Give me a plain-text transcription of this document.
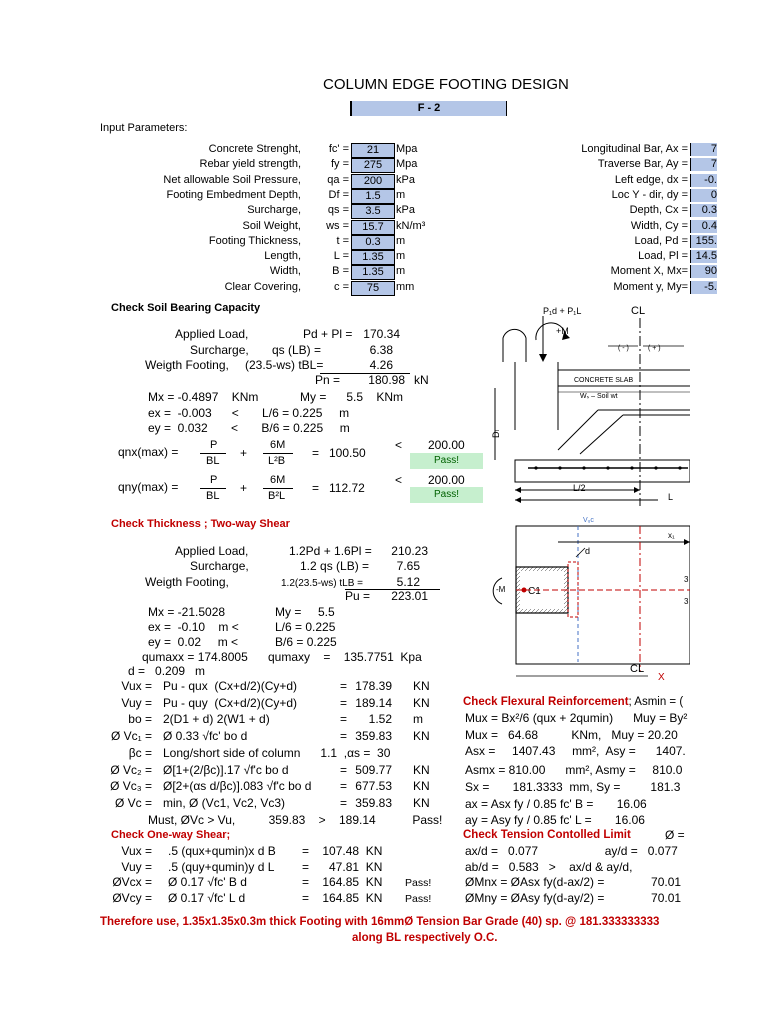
COLUMN EDGE FOOTING DESIGN
F - 2
Input Parameters:
Concrete Strenght,	fc' =	21	Mpa
Rebar yield strength,	fy =	275	Mpa
Net allowable Soil Pressure,	qa =	200	kPa
Footing Embedment Depth,	Df =	1.5	m
Surcharge,	qs =	3.5	kPa
Soil Weight,	ws =	15.7	kN/m³
Footing Thickness,	t =	0.3	m
Length,	L =	1.35	m
Width,	B =	1.35	m
Clear Covering,	c =	75	mm
Longitudinal Bar, Ax =	7
Traverse Bar, Ay =	7
Left edge, dx =	-0.
Loc Y - dir, dy =	0
Depth, Cx =	0.3
Width, Cy =	0.4
Load, Pd = 155.
Load, Pl = 14.5
Moment X, Mx=	90
Moment y, My=	-5.
Check Soil Bearing Capacity
Applied Load,	Pd + Pl = 170.34
Surcharge, qs (LB) =	6.38
Weigth Footing, (23.5-ws) tBL=	4.26
Pn =	180.98 kN
Mx = -0.4897    KNm	My =      5.5    KNm
ex =  -0.003      <       L/6 = 0.225     m
ey =  0.032       <       B/6 = 0.225     m
qnx(max) =	P
BL
+
6M
L²B
=   100.50
< 200.00
Pass!
qny(max) =	P
BL
+
6M
B²L
=   112.72
< 200.00
Pass!
Check Thickness ; Two-way Shear
Applied Load,	1.2Pd + 1.6Pl =	210.23
Surcharge,	1.2 qs (LB) =	7.65
Weigth Footing,	1.2(23.5-ws) tLB =	5.12
Pu =	223.01
Mx = -21.5028	My =     5.5
ex =  -0.10    m <	L/6 = 0.225
ey =  0.02     m <	B/6 = 0.225
qumaxx = 174.8005 qumaxy    =    135.7751  Kpa
d =   0.209   m
Vux = Pu - qux  (Cx+d/2)(Cy+d)	= 178.39 KN
Vuy = Pu - quy  (Cx+d/2)(Cy+d)	= 189.14 KN
bo = 2(D1 + d) 2(W1 + d)	=	1.52 m
Ø Vc₁ = Ø 0.33 √fc' bo d	= 359.83 KN
βc = Long/short side of column      1.1  ,αs =  30
Ø Vc₂ = Ø[1+(2/βc)].17 √f'c bo d	= 509.77 KN
Ø Vc₃ = Ø[2+(αs d/βc)].083 √f'c bo d = 677.53 KN
Ø Vc = min, Ø (Vc1, Vc2, Vc3)	= 359.83 KN
Must, ØVc > Vu,          359.83    >    189.14           Pass!
Check One-way Shear;
Vux = .5 (qux+qumin)x d B =    107.48  KN
Vuy = .5 (quy+qumin)y d L =      47.81  KN
ØVcx = Ø 0.17 √fc' B d	=    164.85  KN Pass!
ØVcy = Ø 0.17 √fc' L d	=    164.85  KN Pass!
Check Flexural Reinforcement; Asmin = (
Mux = Bx²/6 (qux + 2qumin)      Muy = By²
Mux =   64.68          KNm,   Muy = 20.20
Asx =     1407.43     mm²,  Asy =      1407.
Asmx = 810.00      mm², Asmy =     810.0
Sx =       181.3333  mm, Sy =         181.3
ax = Asx fy / 0.85 fc' B =       16.06
ay = Asy fy / 0.85 fc' L =       16.06
Check Tension Contolled Limit	Ø =
ax/d =   0.077                    ay/d =   0.077
ab/d =   0.583   >    ax/d & ay/d,
ØMnx = ØAsx fy(d-ax/2) =              70.01
ØMny = ØAsy fy(d-ay/2) =              70.01
Therefore use, 1.35x1.35x0.3m thick Footing with 16mmØ Tension Bar Grade (40) sp. @ 181.333333333
along BL respectively O.C.
CL
P₁d + P₁L
+M
( - )	( + )
CONCRETE SLAB
Wₛ – Soil wt
Dₗ
L/2
L
Vᵤc
x₁
d
C1
-M
3
3
CL
X
